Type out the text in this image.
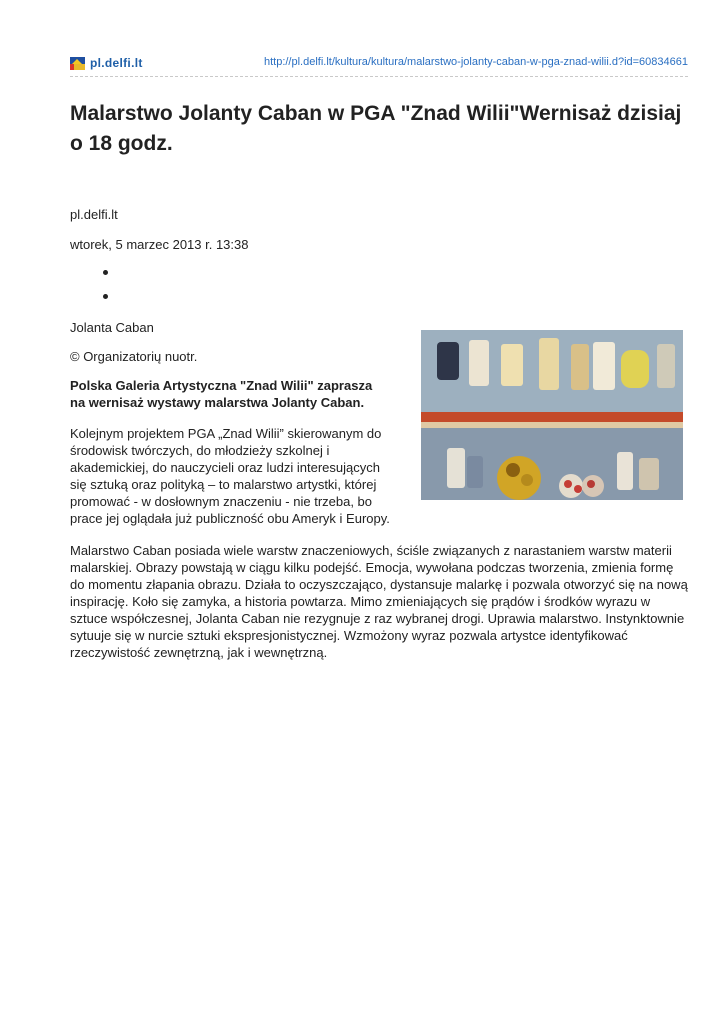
pl.delfi.lt	http://pl.delfi.lt/kultura/kultura/malarstwo-jolanty-caban-w-pga-znad-wilii.d?id=60834661
Malarstwo Jolanty Caban w PGA "Znad Wilii"Wernisaż dzisiaj o 18 godz.

pl.delfi.lt

wtorek, 5 marzec 2013 r. 13:38

Jolanta Caban

© Organizatorių nuotr.

Polska Galeria Artystyczna "Znad Wilii" zaprasza na wernisaż wystawy malarstwa Jolanty Caban.

Kolejnym projektem PGA „Znad Wilii” skierowanym do środowisk twórczych, do młodzieży szkolnej i akademickiej, do nauczycieli oraz ludzi interesujących się sztuką oraz polityką – to malarstwo artystki, której promować - w dosłownym znaczeniu - nie trzeba, bo prace jej oglądała już publiczność obu Ameryk i Europy.

Malarstwo Caban posiada wiele warstw znaczeniowych, ściśle związanych z narastaniem warstw materii malarskiej. Obrazy powstają w ciągu kilku podejść. Emocja, wywołana podczas tworzenia, zmienia formę do momentu złapania obrazu. Działa to oczyszczająco, dystansuje malarkę i pozwala otworzyć się na nową inspirację. Koło się zamyka, a historia powtarza. Mimo zmieniających się prądów i środków wyrazu w sztuce współczesnej, Jolanta Caban nie rezygnuje z raz wybranej drogi. Uprawia malarstwo. Instynktownie sytuuje się w nurcie sztuki ekspresjonistycznej. Wzmożony wyraz pozwala artystce identyfikować rzeczywistość zewnętrzną, jak i wewnętrzną.
